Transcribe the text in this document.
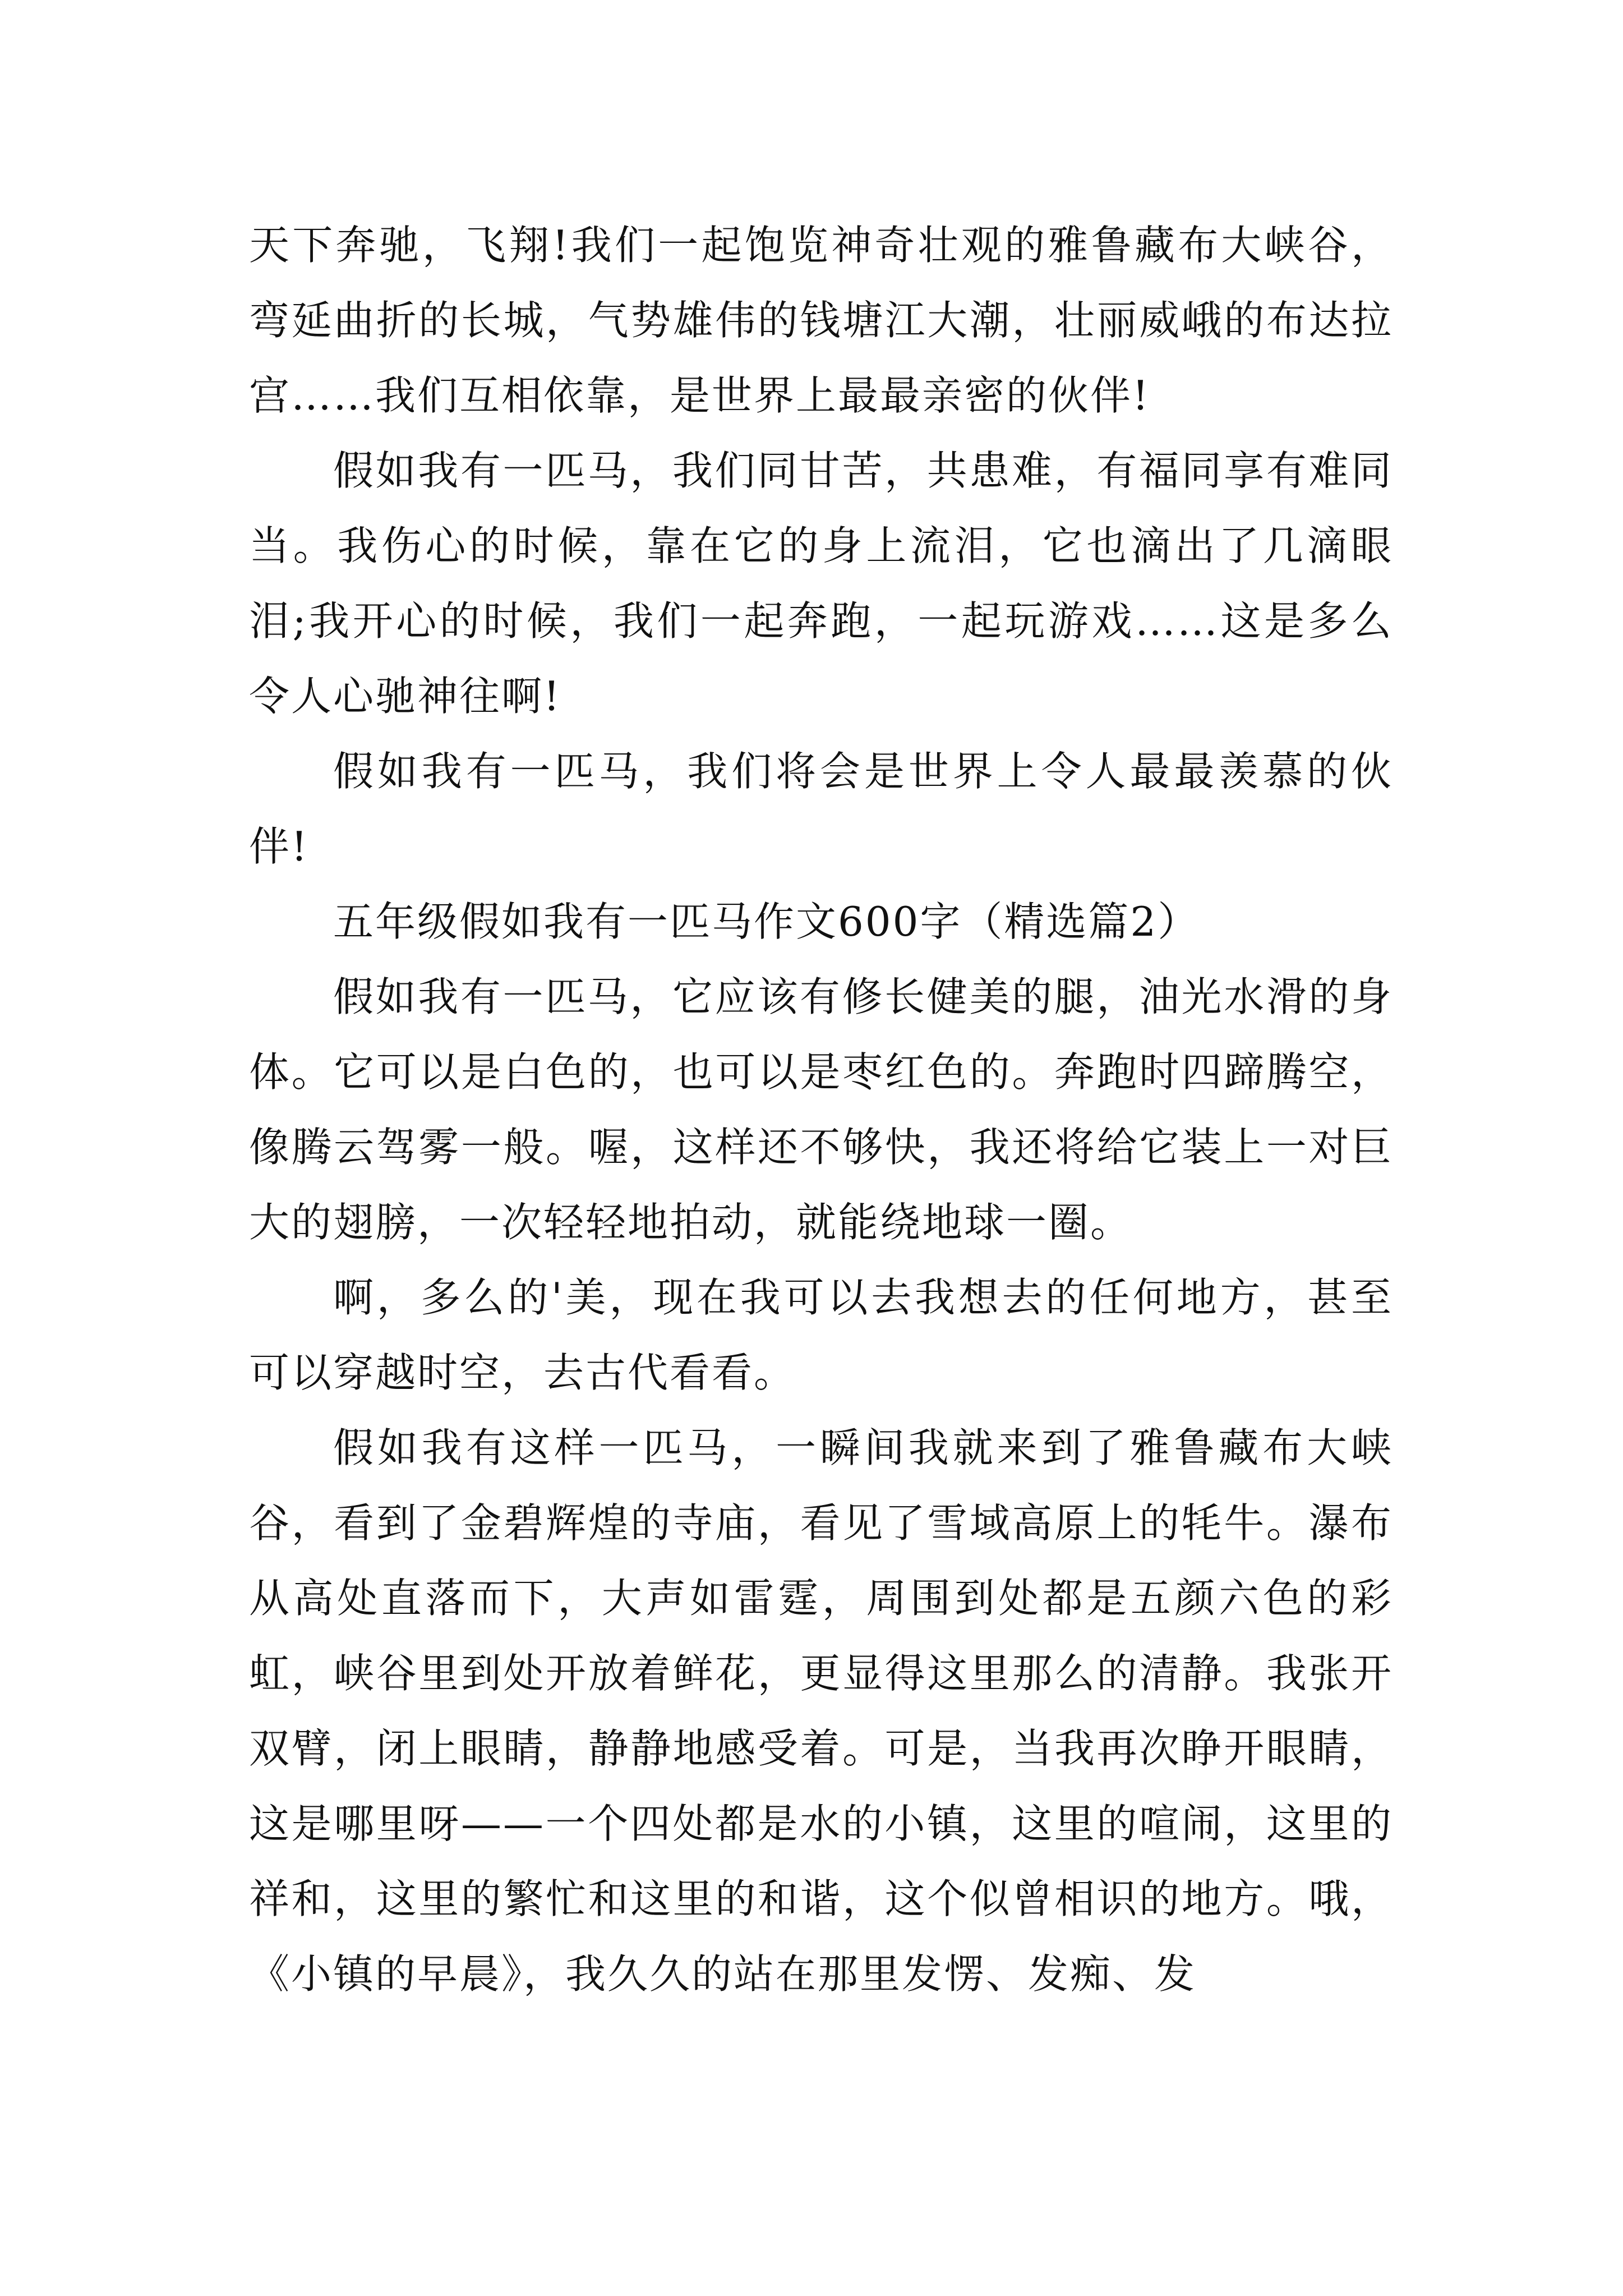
天下奔驰，飞翔!我们一起饱览神奇壮观的雅鲁藏布大峡谷，弯延曲折的长城，气势雄伟的钱塘江大潮，壮丽威峨的布达拉宫……我们互相依靠，是世界上最最亲密的伙伴!

假如我有一匹马，我们同甘苦，共患难，有福同享有难同当。我伤心的时候，靠在它的身上流泪，它也滴出了几滴眼泪;我开心的时候，我们一起奔跑，一起玩游戏……这是多么令人心驰神往啊!

假如我有一匹马，我们将会是世界上令人最最羡慕的伙伴!

五年级假如我有一匹马作文600字（精选篇2）

假如我有一匹马，它应该有修长健美的腿，油光水滑的身体。它可以是白色的，也可以是枣红色的。奔跑时四蹄腾空，像腾云驾雾一般。喔，这样还不够快，我还将给它装上一对巨大的翅膀，一次轻轻地拍动，就能绕地球一圈。

啊，多么的'美，现在我可以去我想去的任何地方，甚至可以穿越时空，去古代看看。

假如我有这样一匹马，一瞬间我就来到了雅鲁藏布大峡谷，看到了金碧辉煌的寺庙，看见了雪域高原上的牦牛。瀑布从高处直落而下，大声如雷霆，周围到处都是五颜六色的彩虹，峡谷里到处开放着鲜花，更显得这里那么的清静。我张开双臂，闭上眼睛，静静地感受着。可是，当我再次睁开眼睛，这是哪里呀——一个四处都是水的小镇，这里的喧闹，这里的祥和，这里的繁忙和这里的和谐，这个似曾相识的地方。哦，《小镇的早晨》，我久久的站在那里发愣、发痴、发
